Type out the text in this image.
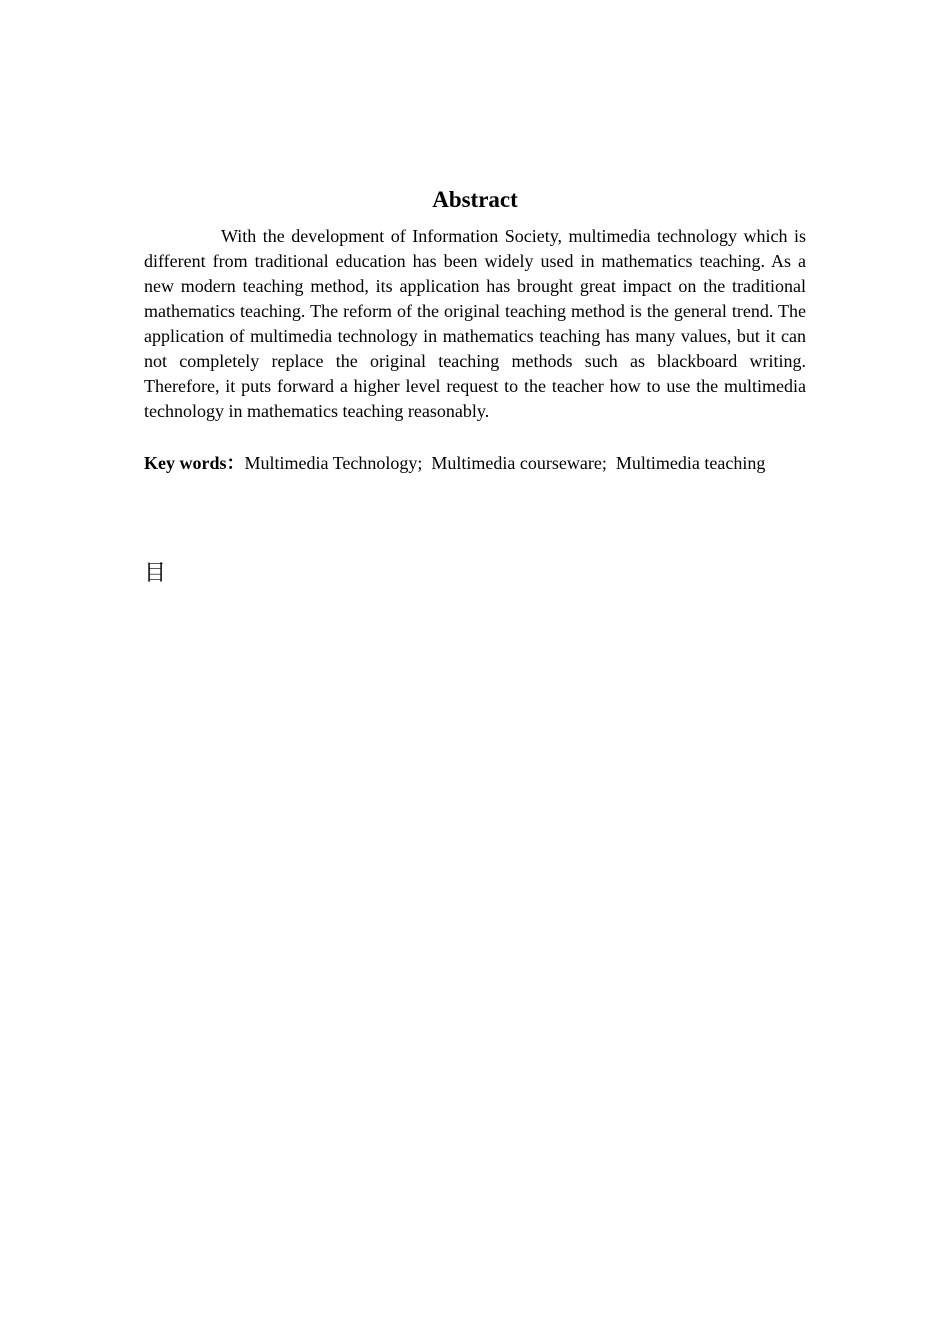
Abstract

With the development of Information Society, multimedia technology which is different from traditional education has been widely used in mathematics teaching. As a new modern teaching method, its application has brought great impact on the traditional mathematics teaching. The reform of the original teaching method is the general trend. The application of multimedia technology in mathematics teaching has many values, but it can not completely replace the original teaching methods such as blackboard writing. Therefore, it puts forward a higher level request to the teacher how to use the multimedia technology in mathematics teaching reasonably.

Key words：Multimedia Technology;  Multimedia courseware;  Multimedia teaching
目
